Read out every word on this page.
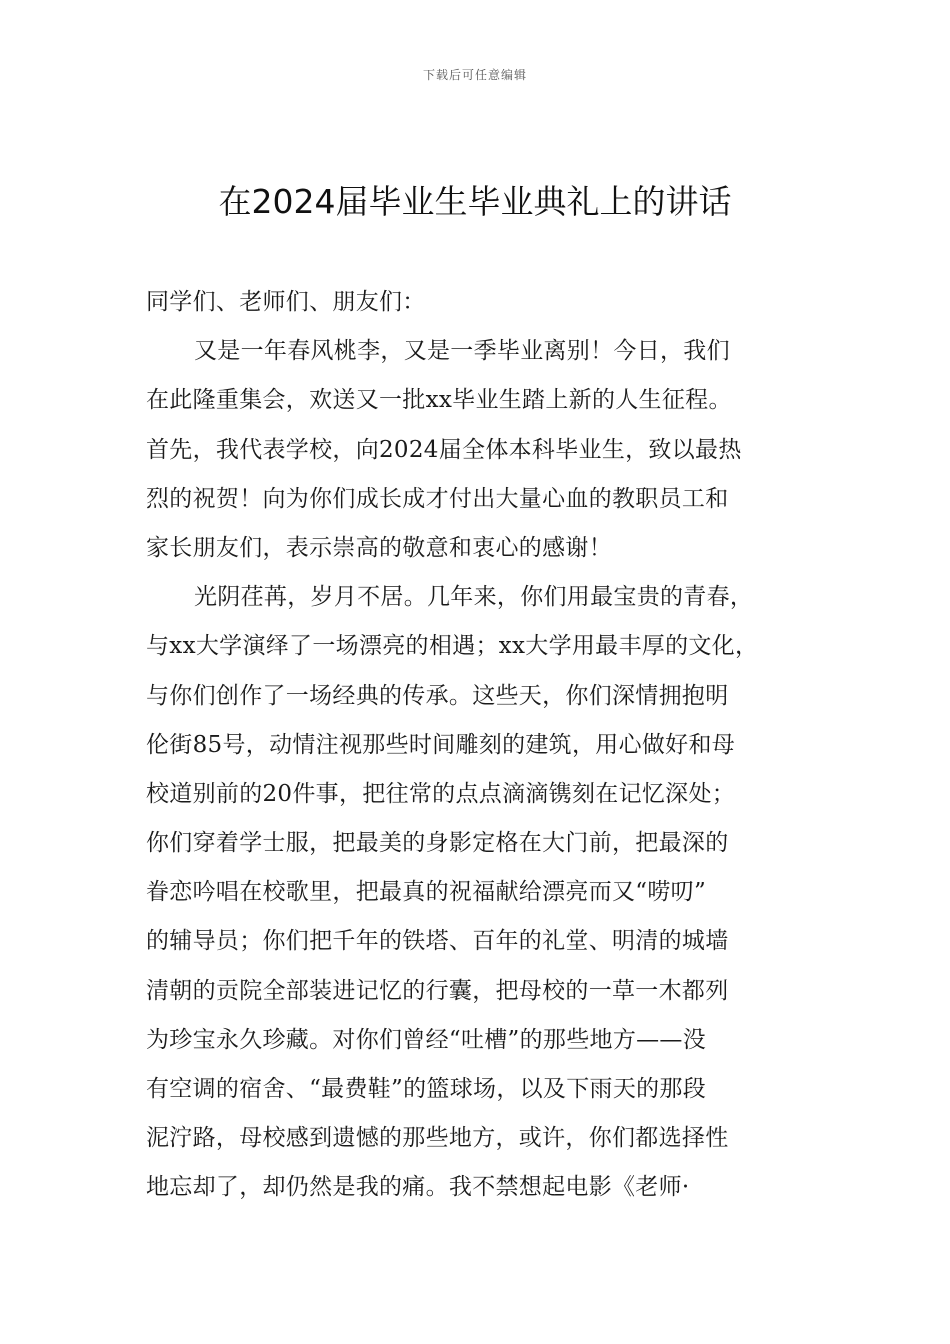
下载后可任意编辑
在2024届毕业生毕业典礼上的讲话
同学们、老师们、朋友们：
又是一年春风桃李，又是一季毕业离别！今日，我们
在此隆重集会，欢送又一批xx毕业生踏上新的人生征程。
首先，我代表学校，向2024届全体本科毕业生，致以最热
烈的祝贺！向为你们成长成才付出大量心血的教职员工和
家长朋友们，表示崇高的敬意和衷心的感谢！
光阴荏苒，岁月不居。几年来，你们用最宝贵的青春，
与xx大学演绎了一场漂亮的相遇；xx大学用最丰厚的文化，
与你们创作了一场经典的传承。这些天，你们深情拥抱明
伦街85号，动情注视那些时间雕刻的建筑，用心做好和母
校道别前的20件事，把往常的点点滴滴镌刻在记忆深处；
你们穿着学士服，把最美的身影定格在大门前，把最深的
眷恋吟唱在校歌里，把最真的祝福献给漂亮而又“唠叨”
的辅导员；你们把千年的铁塔、百年的礼堂、明清的城墙
清朝的贡院全部装进记忆的行囊，把母校的一草一木都列
为珍宝永久珍藏。对你们曾经“吐槽”的那些地方——没
有空调的宿舍、“最费鞋”的篮球场，以及下雨天的那段
泥泞路，母校感到遗憾的那些地方，或许，你们都选择性
地忘却了，却仍然是我的痛。我不禁想起电影《老师·
